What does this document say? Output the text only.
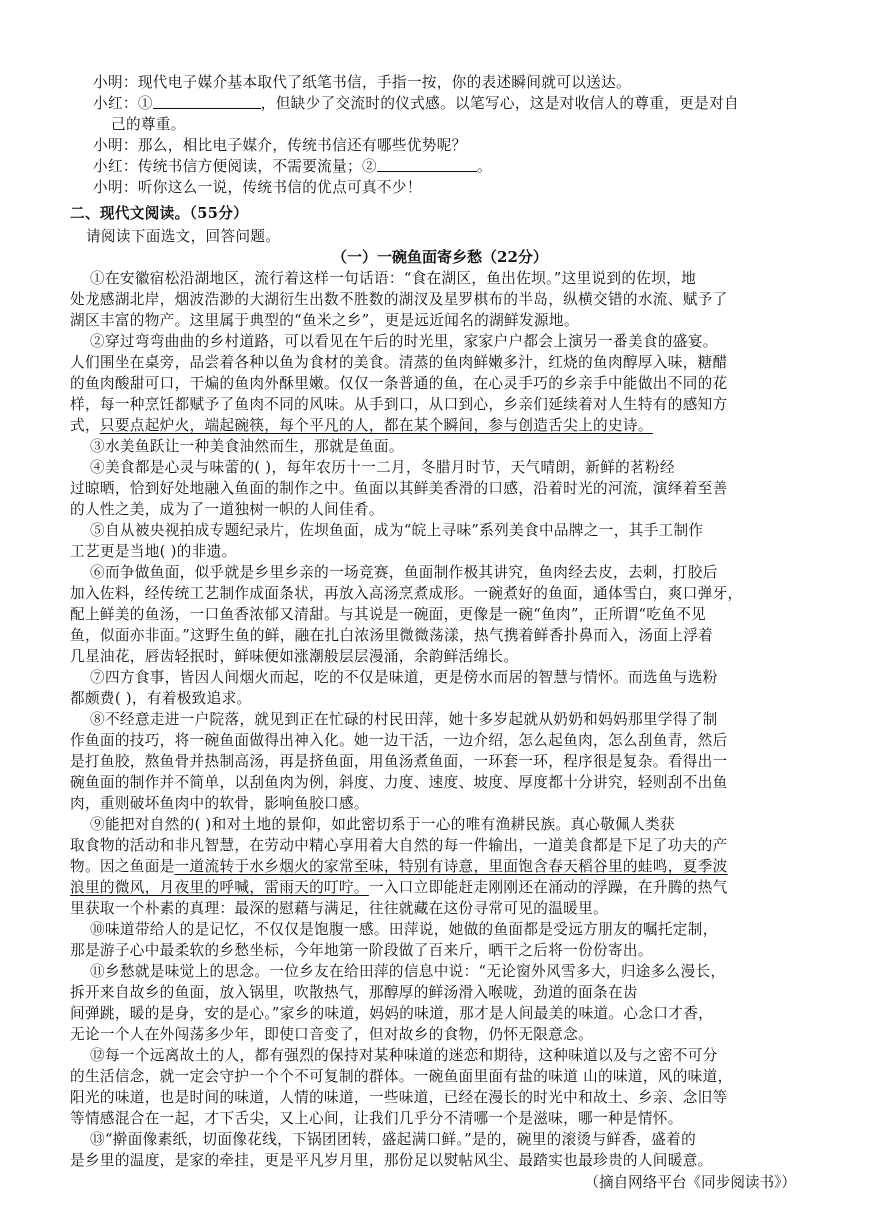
小明：现代电子媒介基本取代了纸笔书信，手指一按，你的表述瞬间就可以送达。
小红：①	，但缺少了交流时的仪式感。以笔写心，这是对收信人的尊重，更是对自
己的尊重。
小明：那么，相比电子媒介，传统书信还有哪些优势呢？
小红：传统书信方便阅读，不需要流量；②	。
小明：听你这么一说，传统书信的优点可真不少！
二、现代文阅读。（55分）
请阅读下面选文，回答问题。
（一）一碗鱼面寄乡愁（22分）
①在安徽宿松沿湖地区，流行着这样一句话语：“食在湖区，鱼出佐坝。”这里说到的佐坝，地
处龙感湖北岸，烟波浩渺的大湖衍生出数不胜数的湖汊及星罗棋布的半岛，纵横交错的水流、赋予了
湖区丰富的物产。这里属于典型的“鱼米之乡”，更是远近闻名的湖鲜发源地。
②穿过弯弯曲曲的乡村道路，可以看见在午后的时光里，家家户户都会上演另一番美食的盛宴。
人们围坐在桌旁，品尝着各种以鱼为食材的美食。清蒸的鱼肉鲜嫩多汁，红烧的鱼肉醇厚入味，糖醋
的鱼肉酸甜可口，干煸的鱼肉外酥里嫩。仅仅一条普通的鱼，在心灵手巧的乡亲手中能做出不同的花
样，每一种烹饪都赋予了鱼肉不同的风味。从手到口，从口到心，乡亲们延续着对人生特有的感知方
式，只要点起炉火，端起碗筷，每个平凡的人，都在某个瞬间，参与创造舌尖上的史诗。
③水美鱼跃让一种美食油然而生，那就是鱼面。
④美食都是心灵与味蕾的( )，每年农历十一二月，冬腊月时节，天气晴朗，新鲜的茗粉经
过晾晒，恰到好处地融入鱼面的制作之中。鱼面以其鲜美香滑的口感，沿着时光的河流，演绎着至善
的人性之美，成为了一道独树一帜的人间佳肴。
⑤自从被央视拍成专题纪录片，佐坝鱼面，成为“皖上寻味”系列美食中品牌之一，其手工制作
工艺更是当地( )的非遗。
⑥而争做鱼面，似乎就是乡里乡亲的一场竞赛，鱼面制作极其讲究，鱼肉经去皮，去刺，打胶后
加入佐料，经传统工艺制作成面条状，再放入高汤烹煮成形。一碗煮好的鱼面，通体雪白，爽口弹牙，
配上鲜美的鱼汤，一口鱼香浓郁又清甜。与其说是一碗面，更像是一碗“鱼肉”，正所谓“吃鱼不见
鱼，似面亦非面。”这野生鱼的鲜，融在扎白浓汤里微微荡漾，热气携着鲜香扑鼻而入，汤面上浮着
几星油花，唇齿轻抿时，鲜味便如涨潮般层层漫涌，余韵鲜活绵长。
⑦四方食事，皆因人间烟火而起，吃的不仅是味道，更是傍水而居的智慧与情怀。而选鱼与选粉
都颇费( )，有着极致追求。
⑧不经意走进一户院落，就见到正在忙碌的村民田萍，她十多岁起就从奶奶和妈妈那里学得了制
作鱼面的技巧，将一碗鱼面做得出神入化。她一边干活，一边介绍，怎么起鱼肉，怎么刮鱼青，然后
是打鱼胶，熬鱼骨并热制高汤，再是挤鱼面，用鱼汤煮鱼面，一环套一环，程序很是复杂。看得出一
碗鱼面的制作并不简单，以刮鱼肉为例，斜度、力度、速度、坡度、厚度都十分讲究，轻则刮不出鱼
肉，重则破坏鱼肉中的软骨，影响鱼胶口感。
⑨能把对自然的( )和对土地的景仰，如此密切系于一心的唯有渔耕民族。真心敬佩人类获
取食物的活动和非凡智慧，在劳动中精心享用着大自然的每一件输出，一道美食都是下足了功夫的产
物。因之鱼面是一道流转于水乡烟火的家常至味，特别有诗意，里面饱含春天稻谷里的蛙鸣，夏季波
浪里的微风，月夜里的呼喊，雷雨天的叮咛。一入口立即能赶走刚刚还在涌动的浮躁，在升腾的热气
里获取一个朴素的真理：最深的慰藉与满足，往往就藏在这份寻常可见的温暖里。
⑩味道带给人的是记忆，不仅仅是饱腹一感。田萍说，她做的鱼面都是受远方朋友的嘱托定制，
那是游子心中最柔软的乡愁坐标，今年地第一阶段做了百来斤，晒干之后将一份份寄出。
⑪乡愁就是味觉上的思念。一位乡友在给田萍的信息中说：“无论窗外风雪多大，归途多么漫长，
拆开来自故乡的鱼面，放入锅里，吹散热气，那醇厚的鲜汤滑入喉咙，劲道的面条在齿
间弹跳，暖的是身，安的是心。”家乡的味道，妈妈的味道，那才是人间最美的味道。心念口才香，
无论一个人在外闯荡多少年，即使口音变了，但对故乡的食物，仍怀无限意念。
⑫每一个远离故土的人，都有强烈的保持对某种味道的迷恋和期待，这种味道以及与之密不可分
的生活信念，就一定会守护一个个不可复制的群体。一碗鱼面里面有盐的味道 山的味道，风的味道，
阳光的味道，也是时间的味道，人情的味道，一些味道，已经在漫长的时光中和故土、乡亲、念旧等
等情感混合在一起，才下舌尖，又上心间，让我们几乎分不清哪一个是滋味，哪一种是情怀。
⑬“擀面像素纸，切面像花线，下锅团团转，盛起满口鲜。”是的，碗里的滚烫与鲜香，盛着的
是乡里的温度，是家的牵挂，更是平凡岁月里，那份足以熨帖风尘、最踏实也最珍贵的人间暖意。
（摘自网络平台《同步阅读书》）
